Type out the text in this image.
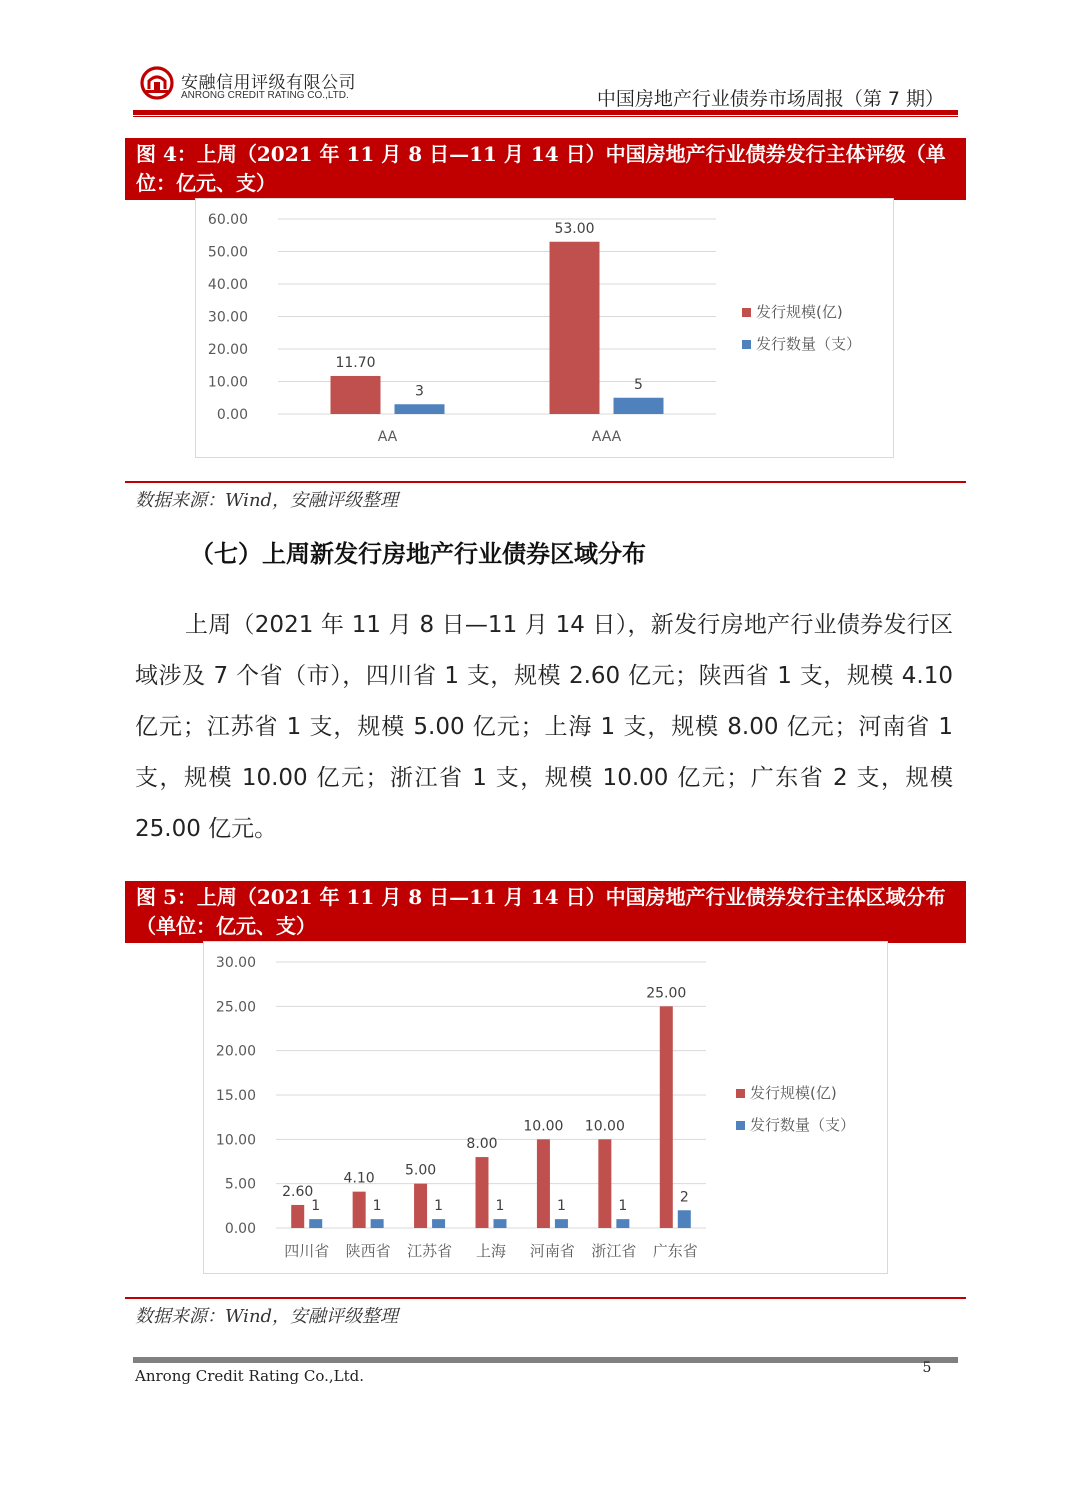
安融信用评级有限公司
ANRONG CREDIT RATING CO.,LTD.	中国房地产行业债券市场周报（第 7 期）
图 4：上周（2021 年 11 月 8 日—11 月 14 日）中国房地产行业债券发行主体评级（单位：亿元、支）
0.00
10.00
20.00
30.00
40.00
50.00
60.00
AA
11.70
3
AAA
53.00
5
发行规模(亿)
发行数量（支）
数据来源：Wind，安融评级整理
（七）上周新发行房地产行业债券区域分布
上周（2021 年 11 月 8 日—11 月 14 日），新发行房地产行业债券发行区域涉及 7 个省（市），四川省 1 支，规模 2.60 亿元；陕西省 1 支，规模 4.10 亿元；江苏省 1 支，规模 5.00 亿元；上海 1 支，规模 8.00 亿元；河南省 1 支，规模 10.00 亿元；浙江省 1 支，规模 10.00 亿元；广东省 2 支，规模 25.00 亿元。
图 5：上周（2021 年 11 月 8 日—11 月 14 日）中国房地产行业债券发行主体区域分布（单位：亿元、支）
0.00
5.00
10.00
15.00
20.00
25.00
30.00
四川省
2.60
1
陕西省
4.10
1
江苏省
5.00
1
上海
8.00
1
河南省
10.00
1
浙江省
10.00
1
广东省
25.00
2
发行规模(亿)
发行数量（支）
数据来源：Wind，安融评级整理
Anrong Credit Rating Co.,Ltd.	5
